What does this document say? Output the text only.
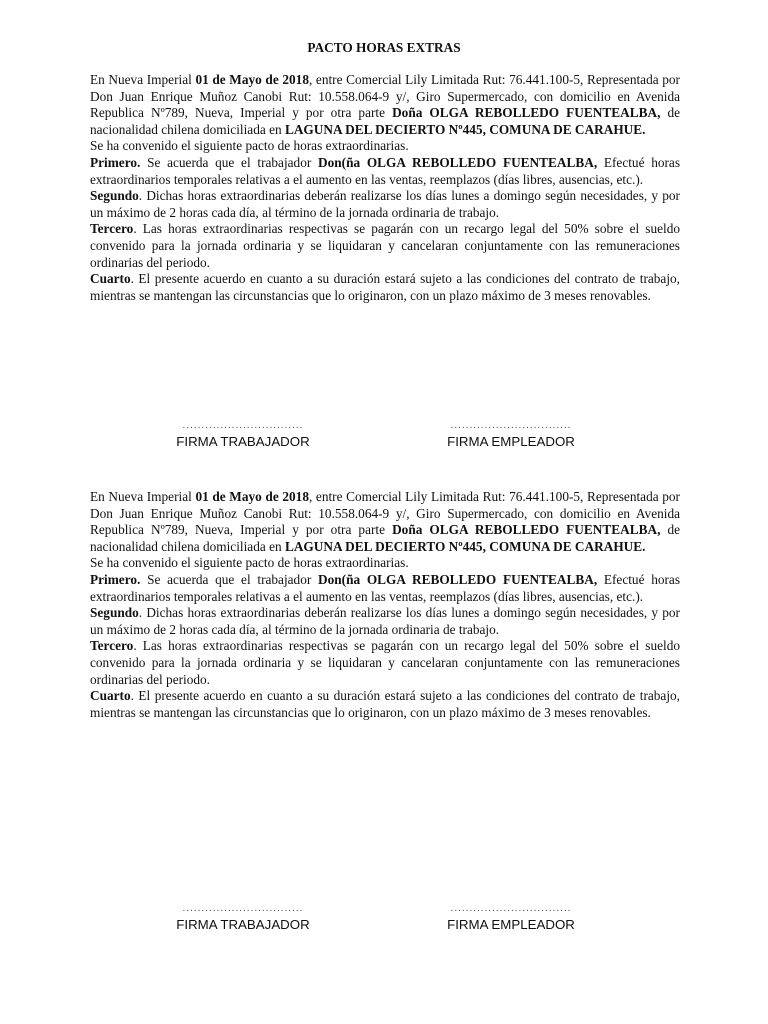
PACTO HORAS EXTRAS

En Nueva Imperial 01 de Mayo de 2018, entre Comercial Lily Limitada Rut: 76.441.100-5, Representada por Don Juan Enrique Muñoz Canobi Rut: 10.558.064-9 y/, Giro Supermercado, con domicilio en Avenida Republica Nº789, Nueva, Imperial y por otra parte Doña OLGA REBOLLEDO FUENTEALBA, de nacionalidad chilena domiciliada en LAGUNA DEL DECIERTO Nº445, COMUNA DE CARAHUE.

Se ha convenido el siguiente pacto de horas extraordinarias.

Primero. Se acuerda que el trabajador Don(ña OLGA REBOLLEDO FUENTEALBA, Efectué horas extraordinarios temporales relativas a el aumento en las ventas, reemplazos (días libres, ausencias, etc.).

Segundo. Dichas horas extraordinarias deberán realizarse los días lunes a domingo según necesidades, y por un máximo de 2 horas cada día, al término de la jornada ordinaria de trabajo.

Tercero. Las horas extraordinarias respectivas se pagarán con un recargo legal del 50% sobre el sueldo convenido para la jornada ordinaria y se liquidaran y cancelaran conjuntamente con las remuneraciones ordinarias del periodo.

Cuarto. El presente acuerdo en cuanto a su duración estará sujeto a las condiciones del contrato de trabajo, mientras se mantengan las circunstancias que lo originaron, con un plazo máximo de 3 meses renovables.

................................
FIRMA TRABAJADOR
................................
FIRMA EMPLEADOR

En Nueva Imperial 01 de Mayo de 2018, entre Comercial Lily Limitada Rut: 76.441.100-5, Representada por Don Juan Enrique Muñoz Canobi Rut: 10.558.064-9 y/, Giro Supermercado, con domicilio en Avenida Republica Nº789, Nueva, Imperial y por otra parte Doña OLGA REBOLLEDO FUENTEALBA, de nacionalidad chilena domiciliada en LAGUNA DEL DECIERTO Nº445, COMUNA DE CARAHUE.

Se ha convenido el siguiente pacto de horas extraordinarias.

Primero. Se acuerda que el trabajador Don(ña OLGA REBOLLEDO FUENTEALBA, Efectué horas extraordinarios temporales relativas a el aumento en las ventas, reemplazos (días libres, ausencias, etc.).

Segundo. Dichas horas extraordinarias deberán realizarse los días lunes a domingo según necesidades, y por un máximo de 2 horas cada día, al término de la jornada ordinaria de trabajo.

Tercero. Las horas extraordinarias respectivas se pagarán con un recargo legal del 50% sobre el sueldo convenido para la jornada ordinaria y se liquidaran y cancelaran conjuntamente con las remuneraciones ordinarias del periodo.

Cuarto. El presente acuerdo en cuanto a su duración estará sujeto a las condiciones del contrato de trabajo, mientras se mantengan las circunstancias que lo originaron, con un plazo máximo de 3 meses renovables.

................................
FIRMA TRABAJADOR
................................
FIRMA EMPLEADOR
